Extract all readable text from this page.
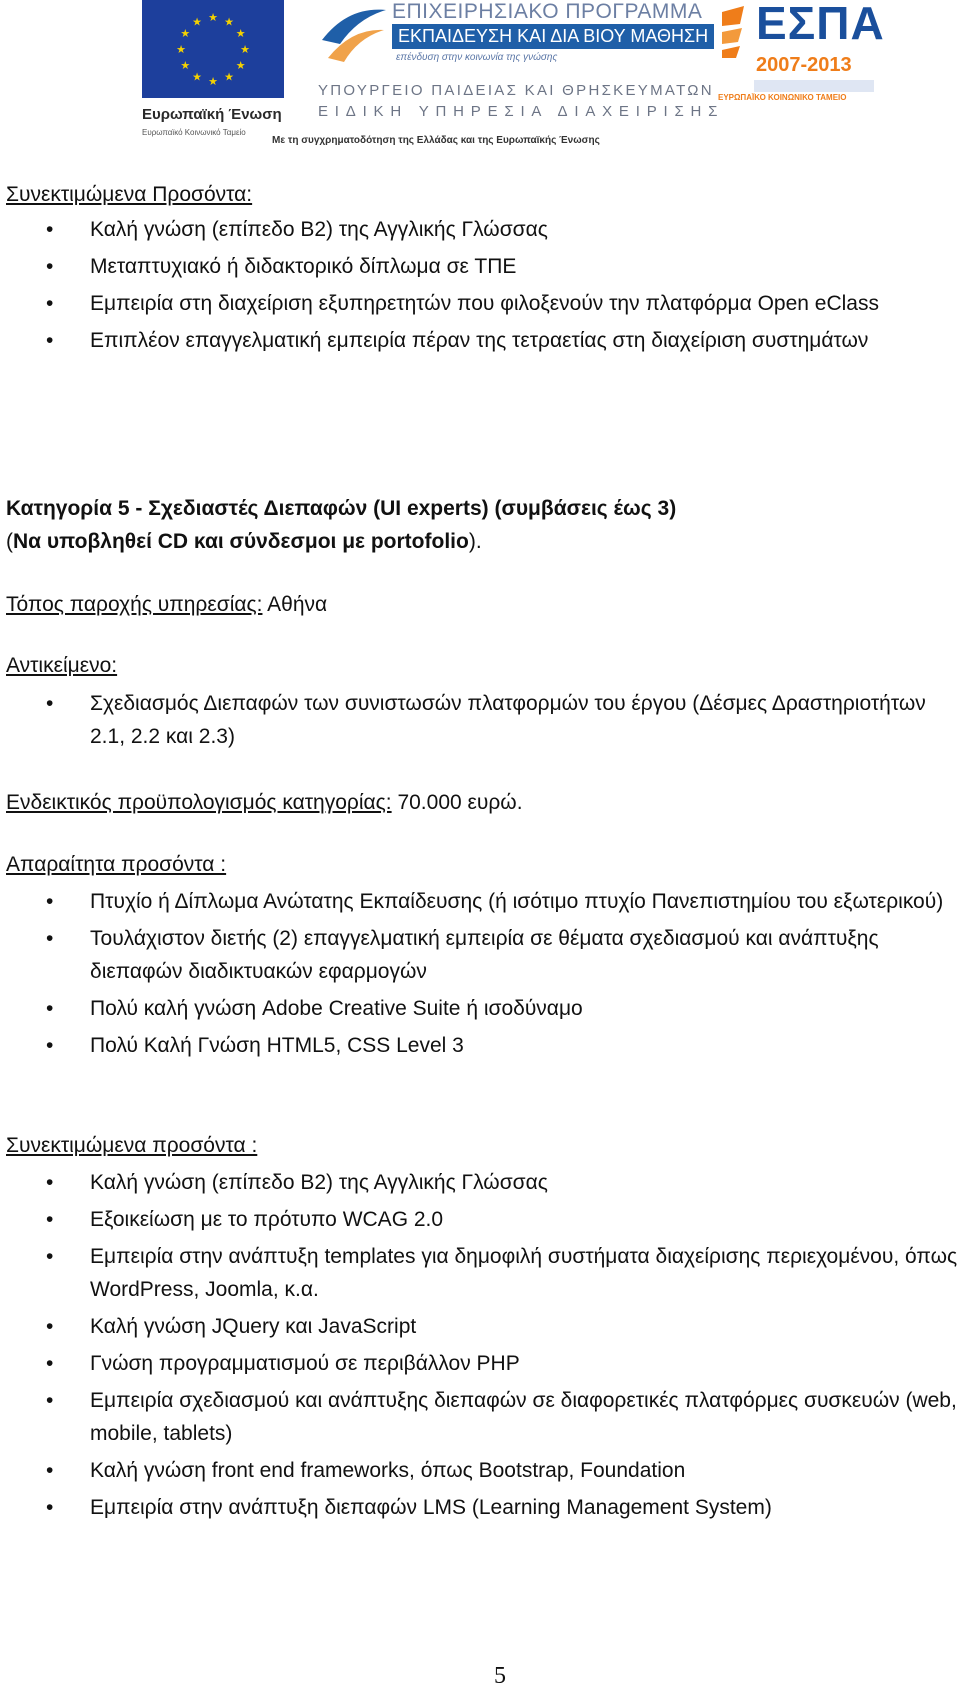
★
★
★
★
★
★
★
★
★ ★ ★
★
Ευρωπαϊκή Ένωση
Ευρωπαϊκό Κοινωνικό Ταμείο
ΕΠΙΧΕΙΡΗΣΙΑΚΟ ΠΡΟΓΡΑΜΜΑ
ΕΚΠΑΙΔΕΥΣΗ ΚΑΙ ΔΙΑ ΒΙΟΥ ΜΑΘΗΣΗ
επένδυση στην κοινωνία της γνώσης
ΥΠΟΥΡΓΕΙΟ ΠΑΙΔΕΙΑΣ ΚΑΙ ΘΡΗΣΚΕΥΜΑΤΩΝ
ΕΙΔΙΚΗ ΥΠΗΡΕΣΙΑ ΔΙΑΧΕΙΡΙΣΗΣ
Με τη συγχρηματοδότηση της Ελλάδας και της Ευρωπαϊκής Ένωσης
ΕΣΠΑ
2007-2013
ΕΥΡΩΠΑΪΚΟ ΚΟΙΝΩΝΙΚΟ ΤΑΜΕΙΟ
Συνεκτιμώμενα Προσόντα:
• Καλή γνώση (επίπεδο Β2) της Αγγλικής Γλώσσας
• Μεταπτυχιακό ή διδακτορικό δίπλωμα σε ΤΠΕ
• Εμπειρία στη διαχείριση εξυπηρετητών που φιλοξενούν την πλατφόρμα Open eClass
• Επιπλέον επαγγελματική εμπειρία πέραν της τετραετίας στη διαχείριση συστημάτων
Κατηγορία 5 - Σχεδιαστές Διεπαφών (UI experts) (συμβάσεις έως 3)
(Να υποβληθεί CD και σύνδεσμοι με portofolio).
Τόπος παροχής υπηρεσίας: Αθήνα
Αντικείμενο:
• Σχεδιασμός Διεπαφών των συνιστωσών πλατφορμών του έργου (Δέσμες Δραστηριοτήτων 2.1, 2.2 και 2.3)
Ενδεικτικός προϋπολογισμός κατηγορίας: 70.000 ευρώ.
Απαραίτητα προσόντα :
• Πτυχίο ή Δίπλωμα Ανώτατης Εκπαίδευσης (ή ισότιμο πτυχίο Πανεπιστημίου του εξωτερικού)
• Τουλάχιστον διετής (2) επαγγελματική εμπειρία σε θέματα σχεδιασμού και ανάπτυξης διεπαφών διαδικτυακών εφαρμογών
• Πολύ καλή γνώση Adobe Creative Suite ή ισοδύναμο
• Πολύ Καλή Γνώση HTML5, CSS Level 3
Συνεκτιμώμενα προσόντα :
• Καλή γνώση (επίπεδο Β2) της Αγγλικής Γλώσσας
• Εξοικείωση με το πρότυπο WCAG 2.0
• Εμπειρία στην ανάπτυξη templates για δημοφιλή συστήματα διαχείρισης περιεχομένου, όπως WordPress, Joomla, κ.α.
• Καλή γνώση JQuery και JavaScript
• Γνώση προγραμματισμού σε περιβάλλον PHP
• Εμπειρία σχεδιασμού και ανάπτυξης διεπαφών σε διαφορετικές πλατφόρμες συσκευών (web, mobile, tablets)
• Καλή γνώση front end frameworks, όπως Bootstrap, Foundation
• Εμπειρία στην ανάπτυξη διεπαφών LMS (Learning Management System)
5
